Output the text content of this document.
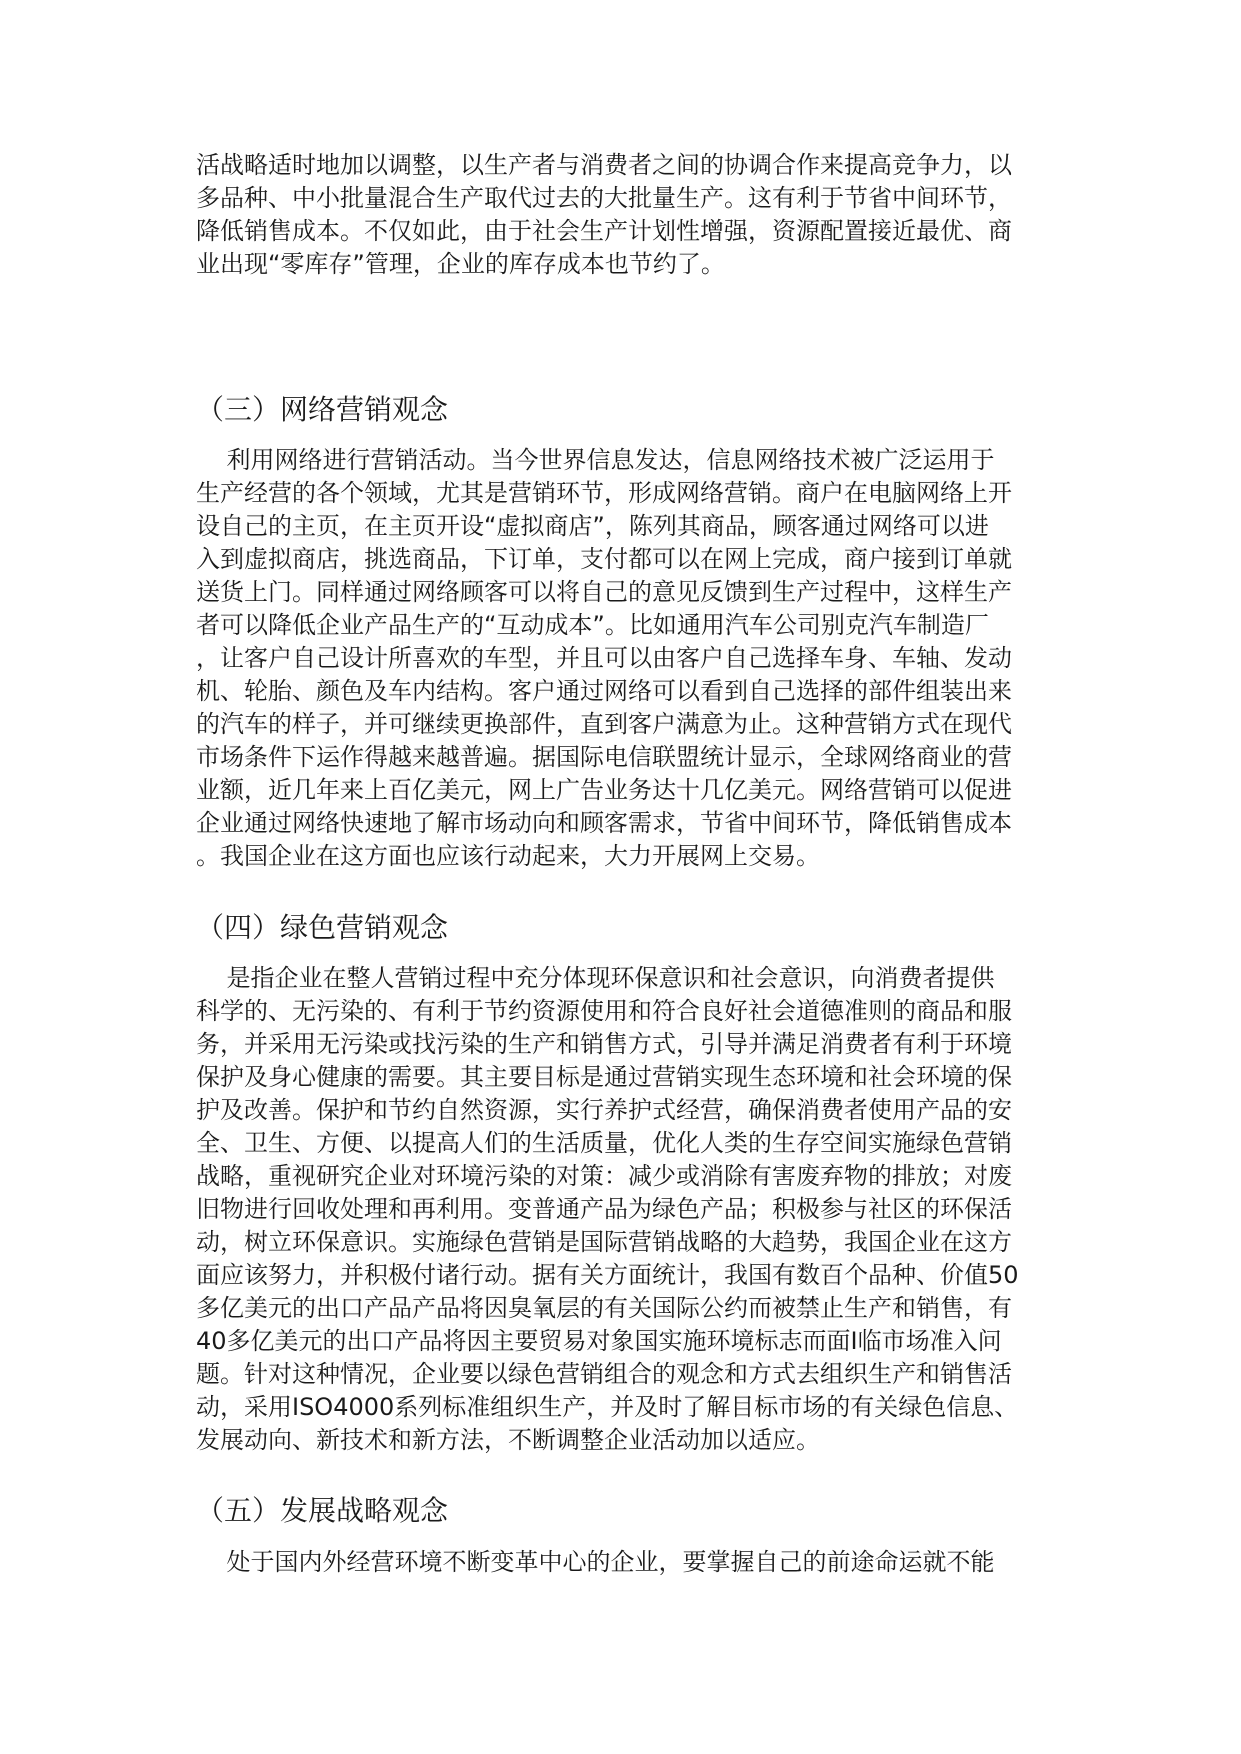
活战略适时地加以调整，以生产者与消费者之间的协调合作来提高竞争力，以
多品种、中小批量混合生产取代过去的大批量生产。这有利于节省中间环节，
降低销售成本。不仅如此，由于社会生产计划性增强，资源配置接近最优、商
业出现“零库存”管理，企业的库存成本也节约了。
（三）网络营销观念
利用网络进行营销活动。当今世界信息发达，信息网络技术被广泛运用于
生产经营的各个领域，尤其是营销环节，形成网络营销。商户在电脑网络上开
设自己的主页，在主页开设“虚拟商店”，陈列其商品，顾客通过网络可以进
入到虚拟商店，挑选商品，下订单，支付都可以在网上完成，商户接到订单就
送货上门。同样通过网络顾客可以将自己的意见反馈到生产过程中，这样生产
者可以降低企业产品生产的“互动成本”。比如通用汽车公司别克汽车制造厂
，让客户自己设计所喜欢的车型，并且可以由客户自己选择车身、车轴、发动
机、轮胎、颜色及车内结构。客户通过网络可以看到自己选择的部件组装出来
的汽车的样子，并可继续更换部件，直到客户满意为止。这种营销方式在现代
市场条件下运作得越来越普遍。据国际电信联盟统计显示，全球网络商业的营
业额，近几年来上百亿美元，网上广告业务达十几亿美元。网络营销可以促进
企业通过网络快速地了解市场动向和顾客需求，节省中间环节，降低销售成本
。我国企业在这方面也应该行动起来，大力开展网上交易。
（四）绿色营销观念
是指企业在整人营销过程中充分体现环保意识和社会意识，向消费者提供
科学的、无污染的、有利于节约资源使用和符合良好社会道德准则的商品和服
务，并采用无污染或找污染的生产和销售方式，引导并满足消费者有利于环境
保护及身心健康的需要。其主要目标是通过营销实现生态环境和社会环境的保
护及改善。保护和节约自然资源，实行养护式经营，确保消费者使用产品的安
全、卫生、方便、以提高人们的生活质量，优化人类的生存空间实施绿色营销
战略，重视研究企业对环境污染的对策：减少或消除有害废弃物的排放；对废
旧物进行回收处理和再利用。变普通产品为绿色产品；积极参与社区的环保活
动，树立环保意识。实施绿色营销是国际营销战略的大趋势，我国企业在这方
面应该努力，并积极付诸行动。据有关方面统计，我国有数百个品种、价值50
多亿美元的出口产品产品将因臭氧层的有关国际公约而被禁止生产和销售，有
40多亿美元的出口产品将因主要贸易对象国实施环境标志而面I临市场准入问
题。针对这种情况，企业要以绿色营销组合的观念和方式去组织生产和销售活
动，采用ISO4000系列标准组织生产，并及时了解目标市场的有关绿色信息、
发展动向、新技术和新方法，不断调整企业活动加以适应。
（五）发展战略观念
处于国内外经营环境不断变革中心的企业，要掌握自己的前途命运就不能
